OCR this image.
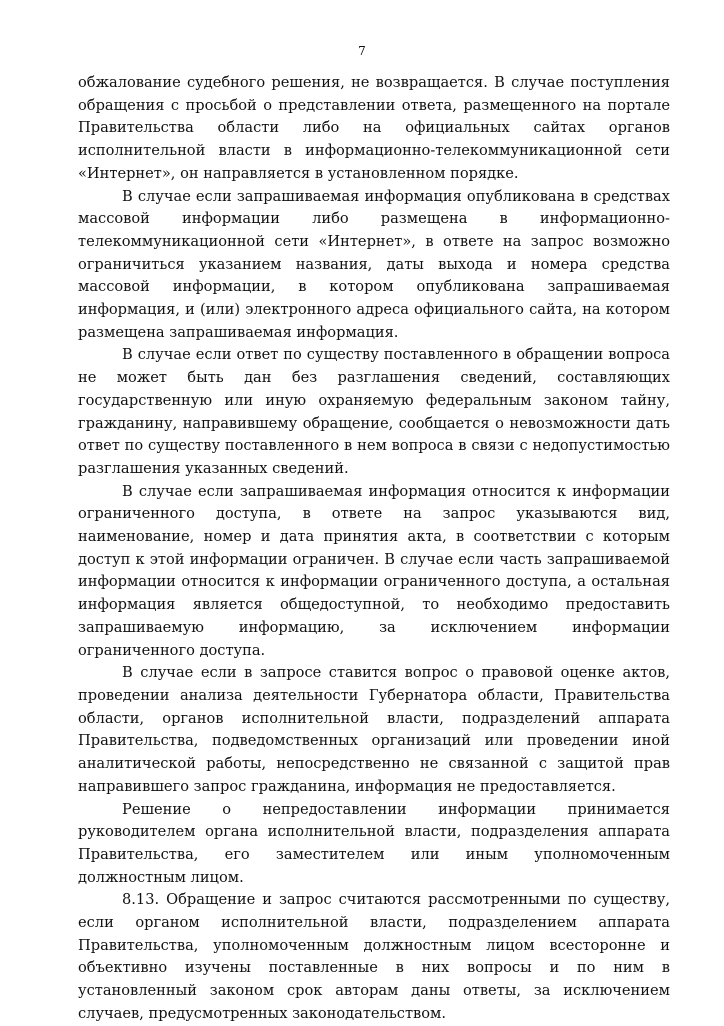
7

обжалование судебного решения, не возвращается. В случае поступления обращения с просьбой о представлении ответа, размещенного на портале Правительства области либо на официальных сайтах органов исполнительной власти в информационно-телекоммуникационной сети «Интернет», он направляется в установленном порядке.

В случае если запрашиваемая информация опубликована в средствах массовой информации либо размещена в информационно-телекоммуникационной сети «Интернет», в ответе на запрос возможно ограничиться указанием названия, даты выхода и номера средства массовой информации, в котором опубликована запрашиваемая информация, и (или) электронного адреса официального сайта, на котором размещена запрашиваемая информация.

В случае если ответ по существу поставленного в обращении вопроса не может быть дан без разглашения сведений, составляющих государственную или иную охраняемую федеральным законом тайну, гражданину, направившему обращение, сообщается о невозможности дать ответ по существу поставленного в нем вопроса в связи с недопустимостью разглашения указанных сведений.

В случае если запрашиваемая информация относится к информации ограниченного доступа, в ответе на запрос указываются вид, наименование, номер и дата принятия акта, в соответствии с которым доступ к этой информации ограничен. В случае если часть запрашиваемой информации относится к информации ограниченного доступа, а остальная информация является общедоступной, то необходимо предоставить запрашиваемую информацию, за исключением информации ограниченного доступа.

В случае если в запросе ставится вопрос о правовой оценке актов, проведении анализа деятельности Губернатора области, Правительства области, органов исполнительной власти, подразделений аппарата Правительства, подведомственных организаций или проведении иной аналитической работы, непосредственно не связанной с защитой прав направившего запрос гражданина, информация не предоставляется.

Решение о непредоставлении информации принимается руководителем органа исполнительной власти, подразделения аппарата Правительства, его заместителем или иным уполномоченным должностным лицом.

8.13. Обращение и запрос считаются рассмотренными по существу, если органом исполнительной власти, подразделением аппарата Правительства, уполномоченным должностным лицом всесторонне и объективно изучены поставленные в них вопросы и по ним в установленный законом срок авторам даны ответы, за исключением случаев, предусмотренных законодательством.
